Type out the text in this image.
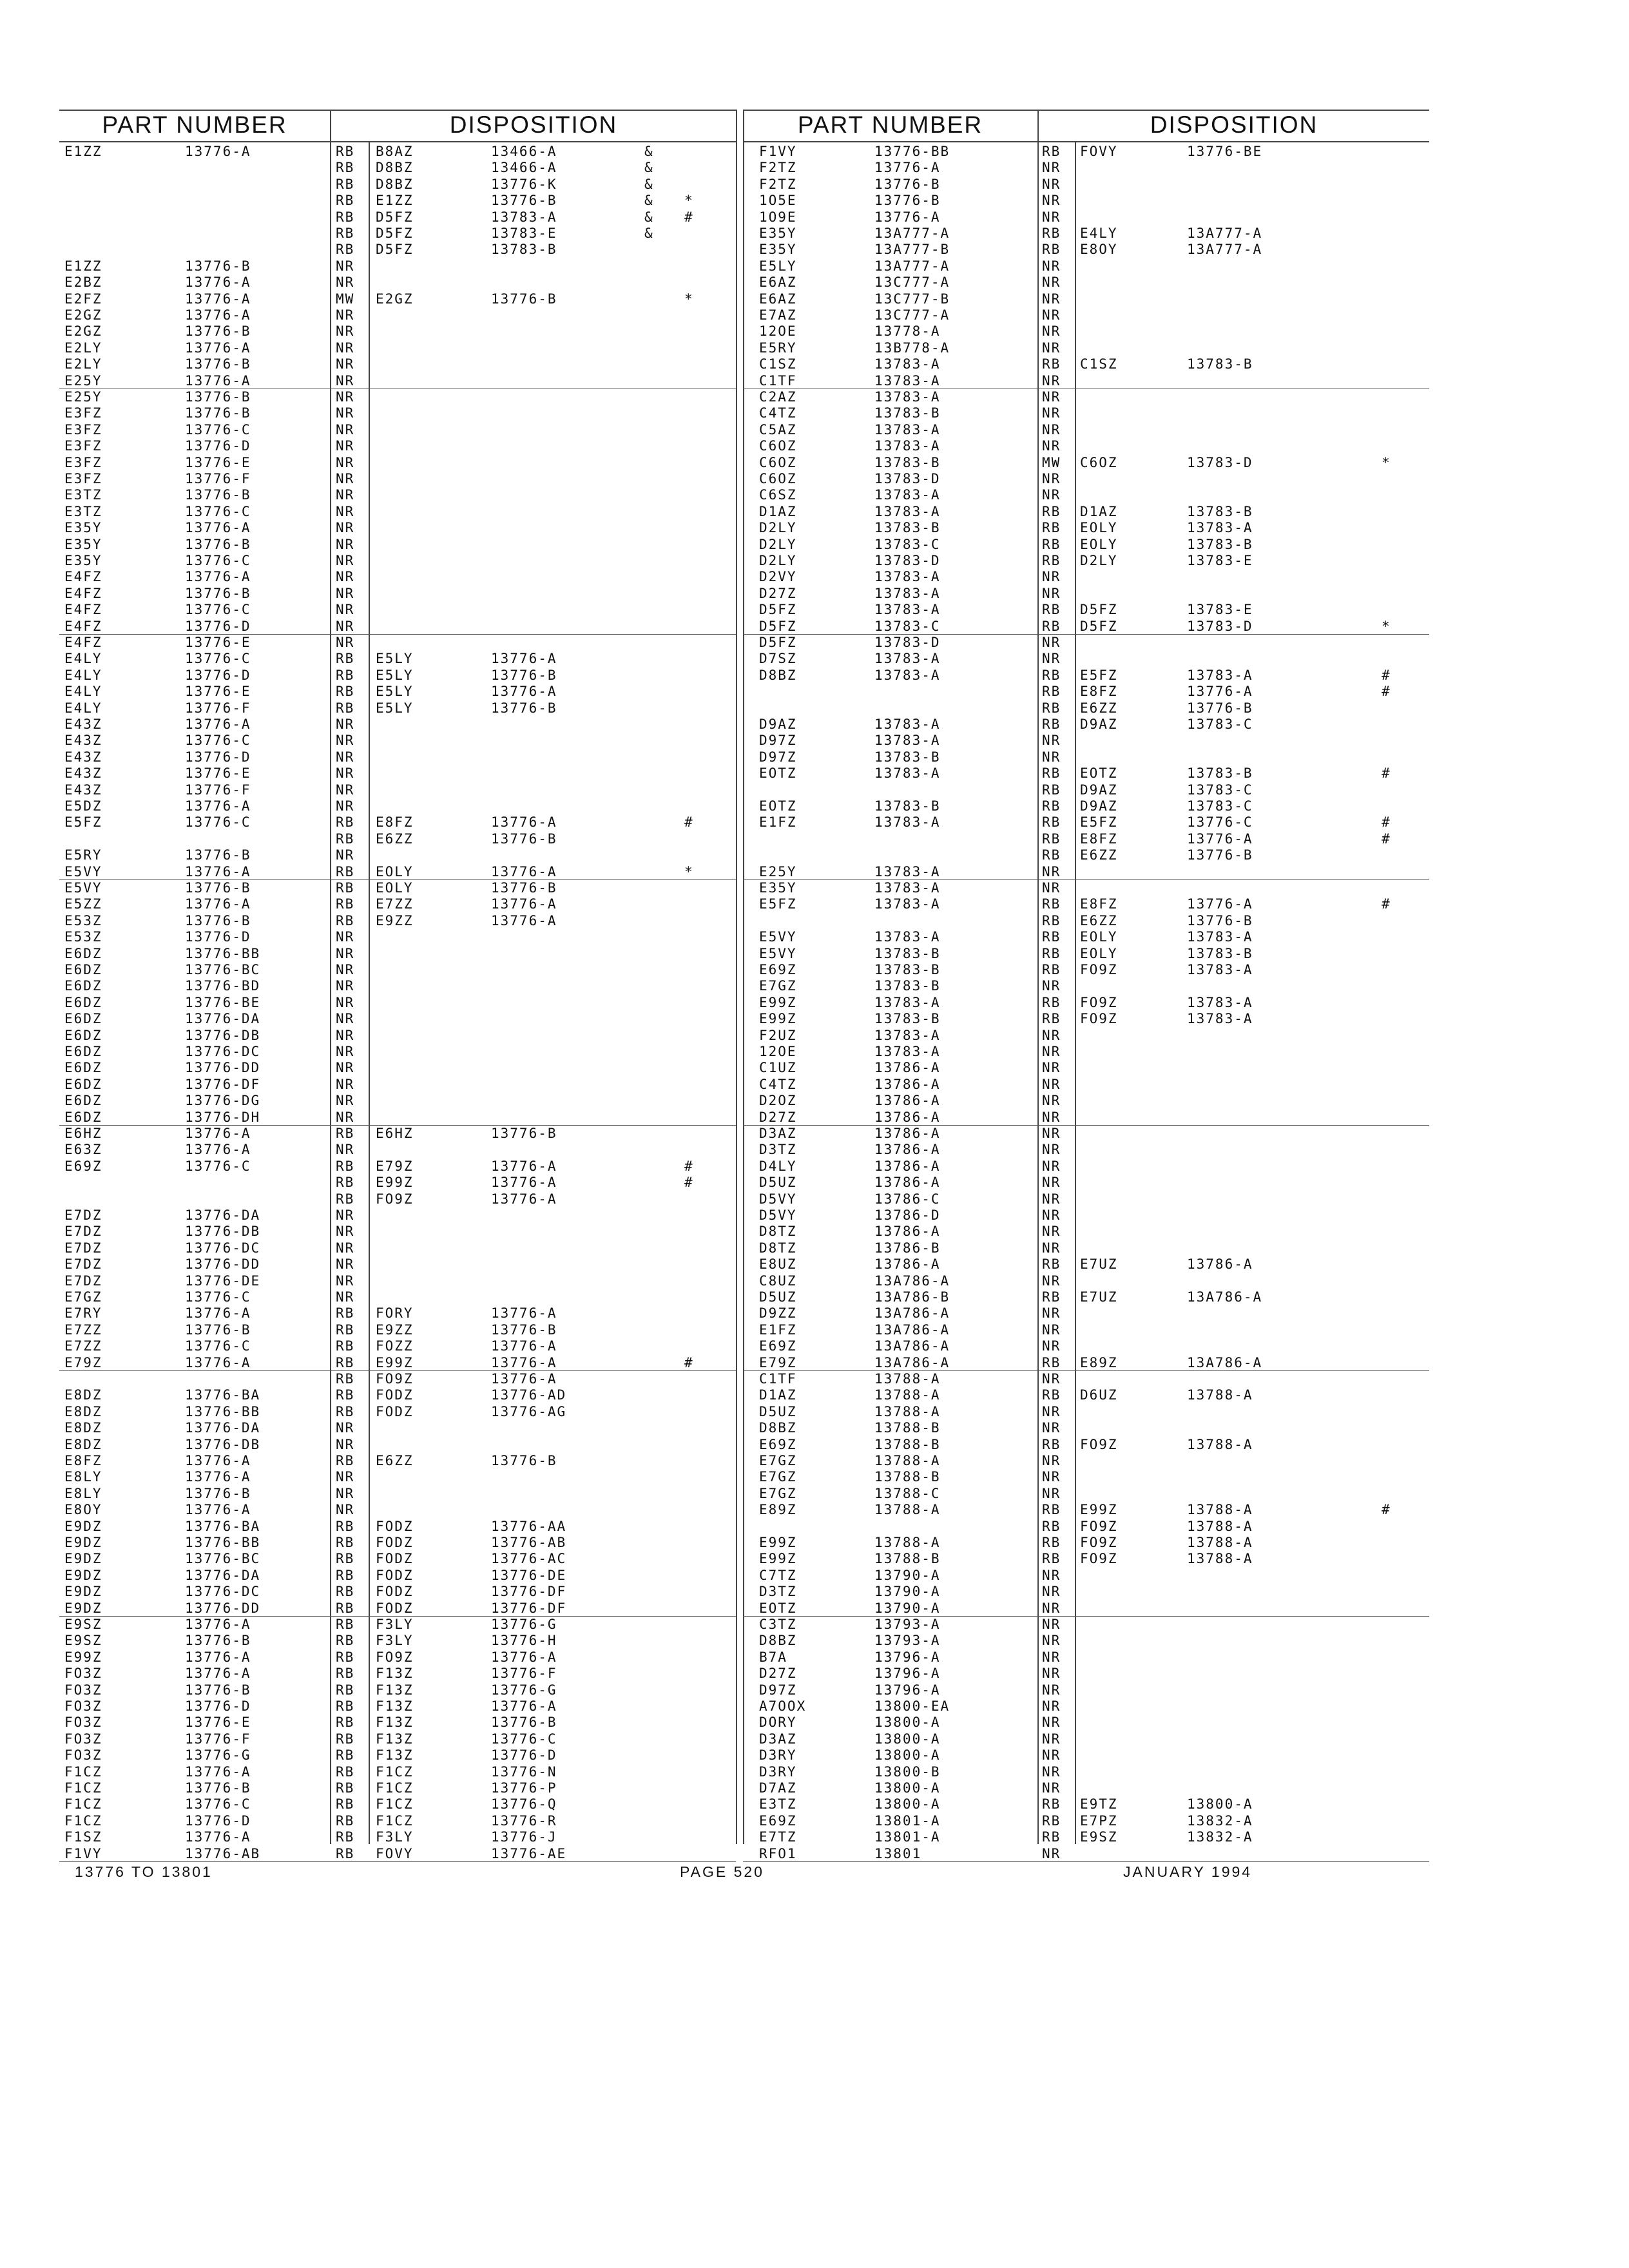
PART NUMBER	DISPOSITION	PART NUMBER	DISPOSITION
E1ZZ	13776-A	RB B8AZ	13466-A	&
RB D8BZ	13466-A	&
RB D8BZ	13776-K	&
RB E1ZZ	13776-B	& *
RB D5FZ	13783-A	& #
RB D5FZ	13783-E	&
RB D5FZ	13783-B
E1ZZ	13776-B	NR
E2BZ	13776-A	NR
E2FZ	13776-A	MW E2GZ	13776-B	*
E2GZ	13776-A	NR
E2GZ	13776-B	NR
E2LY	13776-A	NR
E2LY	13776-B	NR
E25Y	13776-A	NR
E25Y	13776-B	NR
E3FZ	13776-B	NR
E3FZ	13776-C	NR
E3FZ	13776-D	NR
E3FZ	13776-E	NR
E3FZ	13776-F	NR
E3TZ	13776-B	NR
E3TZ	13776-C	NR
E35Y	13776-A	NR
E35Y	13776-B	NR
E35Y	13776-C	NR
E4FZ	13776-A	NR
E4FZ	13776-B	NR
E4FZ	13776-C	NR
E4FZ	13776-D	NR
E4FZ	13776-E	NR
E4LY	13776-C	RB E5LY	13776-A
E4LY	13776-D	RB E5LY	13776-B
E4LY	13776-E	RB E5LY	13776-A
E4LY	13776-F	RB E5LY	13776-B
E43Z	13776-A	NR
E43Z	13776-C	NR
E43Z	13776-D	NR
E43Z	13776-E	NR
E43Z	13776-F	NR
E5DZ	13776-A	NR
E5FZ	13776-C	RB E8FZ	13776-A	#
RB E6ZZ	13776-B
E5RY	13776-B	NR
E5VY	13776-A	RB EOLY	13776-A	*
E5VY	13776-B	RB EOLY	13776-B
E5ZZ	13776-A	RB E7ZZ	13776-A
E53Z	13776-B	RB E9ZZ	13776-A
E53Z	13776-D	NR
E6DZ	13776-BB	NR
E6DZ	13776-BC	NR
E6DZ	13776-BD	NR
E6DZ	13776-BE	NR
E6DZ	13776-DA	NR
E6DZ	13776-DB	NR
E6DZ	13776-DC	NR
E6DZ	13776-DD	NR
E6DZ	13776-DF	NR
E6DZ	13776-DG	NR
E6DZ	13776-DH	NR
E6HZ	13776-A	RB E6HZ	13776-B
E63Z	13776-A	NR
E69Z	13776-C	RB E79Z	13776-A	#
RB E99Z	13776-A	#
RB FO9Z	13776-A
E7DZ	13776-DA	NR
E7DZ	13776-DB	NR
E7DZ	13776-DC	NR
E7DZ	13776-DD	NR
E7DZ	13776-DE	NR
E7GZ	13776-C	NR
E7RY	13776-A	RB FORY	13776-A
E7ZZ	13776-B	RB E9ZZ	13776-B
E7ZZ	13776-C	RB FOZZ	13776-A
E79Z	13776-A	RB E99Z	13776-A	#
RB FO9Z	13776-A
E8DZ	13776-BA	RB FODZ	13776-AD
E8DZ	13776-BB	RB FODZ	13776-AG
E8DZ	13776-DA	NR
E8DZ	13776-DB	NR
E8FZ	13776-A	RB E6ZZ	13776-B
E8LY	13776-A	NR
E8LY	13776-B	NR
E8OY	13776-A	NR
E9DZ	13776-BA	RB FODZ	13776-AA
E9DZ	13776-BB	RB FODZ	13776-AB
E9DZ	13776-BC	RB FODZ	13776-AC
E9DZ	13776-DA	RB FODZ	13776-DE
E9DZ	13776-DC	RB FODZ	13776-DF
E9DZ	13776-DD	RB FODZ	13776-DF
E9SZ	13776-A	RB F3LY	13776-G
E9SZ	13776-B	RB F3LY	13776-H
E99Z	13776-A	RB FO9Z	13776-A
FO3Z	13776-A	RB F13Z	13776-F
FO3Z	13776-B	RB F13Z	13776-G
FO3Z	13776-D	RB F13Z	13776-A
FO3Z	13776-E	RB F13Z	13776-B
FO3Z	13776-F	RB F13Z	13776-C
FO3Z	13776-G	RB F13Z	13776-D
F1CZ	13776-A	RB F1CZ	13776-N
F1CZ	13776-B	RB F1CZ	13776-P
F1CZ	13776-C	RB F1CZ	13776-Q
F1CZ	13776-D	RB F1CZ	13776-R
F1SZ	13776-A	RB F3LY	13776-J
F1VY	13776-AB	RB FOVY	13776-AE
F1VY	13776-BB	RB FOVY	13776-BE
F2TZ	13776-A	NR
F2TZ	13776-B	NR
1O5E	13776-B	NR
1O9E	13776-A	NR
E35Y	13A777-A	RB E4LY	13A777-A
E35Y	13A777-B	RB E8OY	13A777-A
E5LY	13A777-A	NR
E6AZ	13C777-A	NR
E6AZ	13C777-B	NR
E7AZ	13C777-A	NR
12OE	13778-A	NR
E5RY	13B778-A	NR
C1SZ	13783-A	RB C1SZ	13783-B
C1TF	13783-A	NR
C2AZ	13783-A	NR
C4TZ	13783-B	NR
C5AZ	13783-A	NR
C6OZ	13783-A	NR
C6OZ	13783-B	MW C6OZ	13783-D	*
C6OZ	13783-D	NR
C6SZ	13783-A	NR
D1AZ	13783-A	RB D1AZ	13783-B
D2LY	13783-B	RB EOLY	13783-A
D2LY	13783-C	RB EOLY	13783-B
D2LY	13783-D	RB D2LY	13783-E
D2VY	13783-A	NR
D27Z	13783-A	NR
D5FZ	13783-A	RB D5FZ	13783-E
D5FZ	13783-C	RB D5FZ	13783-D	*
D5FZ	13783-D	NR
D7SZ	13783-A	NR
D8BZ	13783-A	RB E5FZ	13783-A	#
RB E8FZ	13776-A	#
RB E6ZZ	13776-B
D9AZ	13783-A	RB D9AZ	13783-C
D97Z	13783-A	NR
D97Z	13783-B	NR
EOTZ	13783-A	RB EOTZ	13783-B	#
RB D9AZ	13783-C
EOTZ	13783-B	RB D9AZ	13783-C
E1FZ	13783-A	RB E5FZ	13776-C	#
RB E8FZ	13776-A	#
RB E6ZZ	13776-B
E25Y	13783-A	NR
E35Y	13783-A	NR
E5FZ	13783-A	RB E8FZ	13776-A	#
RB E6ZZ	13776-B
E5VY	13783-A	RB EOLY	13783-A
E5VY	13783-B	RB EOLY	13783-B
E69Z	13783-B	RB FO9Z	13783-A
E7GZ	13783-B	NR
E99Z	13783-A	RB FO9Z	13783-A
E99Z	13783-B	RB FO9Z	13783-A
F2UZ	13783-A	NR
12OE	13783-A	NR
C1UZ	13786-A	NR
C4TZ	13786-A	NR
D2OZ	13786-A	NR
D27Z	13786-A	NR
D3AZ	13786-A	NR
D3TZ	13786-A	NR
D4LY	13786-A	NR
D5UZ	13786-A	NR
D5VY	13786-C	NR
D5VY	13786-D	NR
D8TZ	13786-A	NR
D8TZ	13786-B	NR
E8UZ	13786-A	RB E7UZ	13786-A
C8UZ	13A786-A	NR
D5UZ	13A786-B	RB E7UZ	13A786-A
D9ZZ	13A786-A	NR
E1FZ	13A786-A	NR
E69Z	13A786-A	NR
E79Z	13A786-A	RB E89Z	13A786-A
C1TF	13788-A	NR
D1AZ	13788-A	RB D6UZ	13788-A
D5UZ	13788-A	NR
D8BZ	13788-B	NR
E69Z	13788-B	RB FO9Z	13788-A
E7GZ	13788-A	NR
E7GZ	13788-B	NR
E7GZ	13788-C	NR
E89Z	13788-A	RB E99Z	13788-A	#
RB FO9Z	13788-A
E99Z	13788-A	RB FO9Z	13788-A
E99Z	13788-B	RB FO9Z	13788-A
C7TZ	13790-A	NR
D3TZ	13790-A	NR
EOTZ	13790-A	NR
C3TZ	13793-A	NR
D8BZ	13793-A	NR
B7A	13796-A	NR
D27Z	13796-A	NR
D97Z	13796-A	NR
A7OOX	13800-EA	NR
DORY	13800-A	NR
D3AZ	13800-A	NR
D3RY	13800-A	NR
D3RY	13800-B	NR
D7AZ	13800-A	NR
E3TZ	13800-A	RB E9TZ	13800-A
E69Z	13801-A	RB E7PZ	13832-A
E7TZ	13801-A	RB E9SZ	13832-A
RFO1	13801	NR
13776 TO 13801	PAGE 520	JANUARY 1994
